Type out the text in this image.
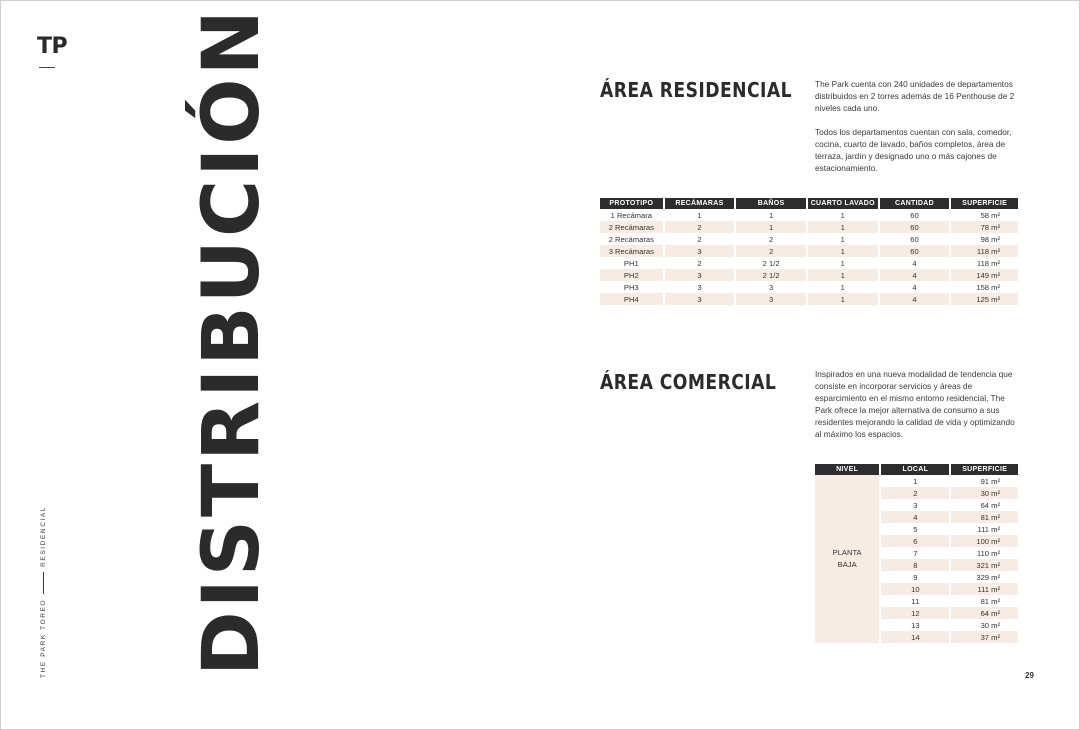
TP
THE PARK TOREO
RESIDENCIAL DISTRIBUCIÓN	ÁREA RESIDENCIAL	The Park cuenta con 240 unidades de departamentos distribuidos en 2 torres además de 16 Penthouse de 2 niveles cada uno.

Todos los departamentos cuentan con sala, comedor, cocina, cuarto de lavado, baños completos, área de terraza, jardín y designado uno o más cajones de estacionamiento.

PROTOTIPO	RECÁMARAS	BAÑOS	CUARTO LAVADO	CANTIDAD	SUPERFICIE
1 Recámara	1	1	1	60	58 m²
2 Recámaras	2	1	1	60	78 m²
2 Recámaras	2	2	1	60	98 m²
3 Recámaras	3	2	1	60	118 m²
PH1	2	2 1/2	1	4	118 m²
PH2	3	2 1/2	1	4	149 m²
PH3	3	3	1	4	158 m²
PH4	3	3	1	4	125 m²
ÁREA COMERCIAL	Inspirados en una nueva modalidad de tendencia que consiste en incorporar servicios y áreas de esparcimiento en el mismo entorno residencial, The Park ofrece la mejor alternativa de consumo a sus residentes mejorando la calidad de vida y optimizando al máximo los espacios.

NIVEL	LOCAL	SUPERFICIE

PLANTA
BAJA	1	91 m²
	2	30 m²
	3	64 m²
	4	81 m²
	5	111 m²
	6	100 m²
	7	110 m²
	8	321 m²
	9	329 m²
	10	111 m²
	11	81 m²
	12	64 m²
	13	30 m²
	14	37 m²
29
